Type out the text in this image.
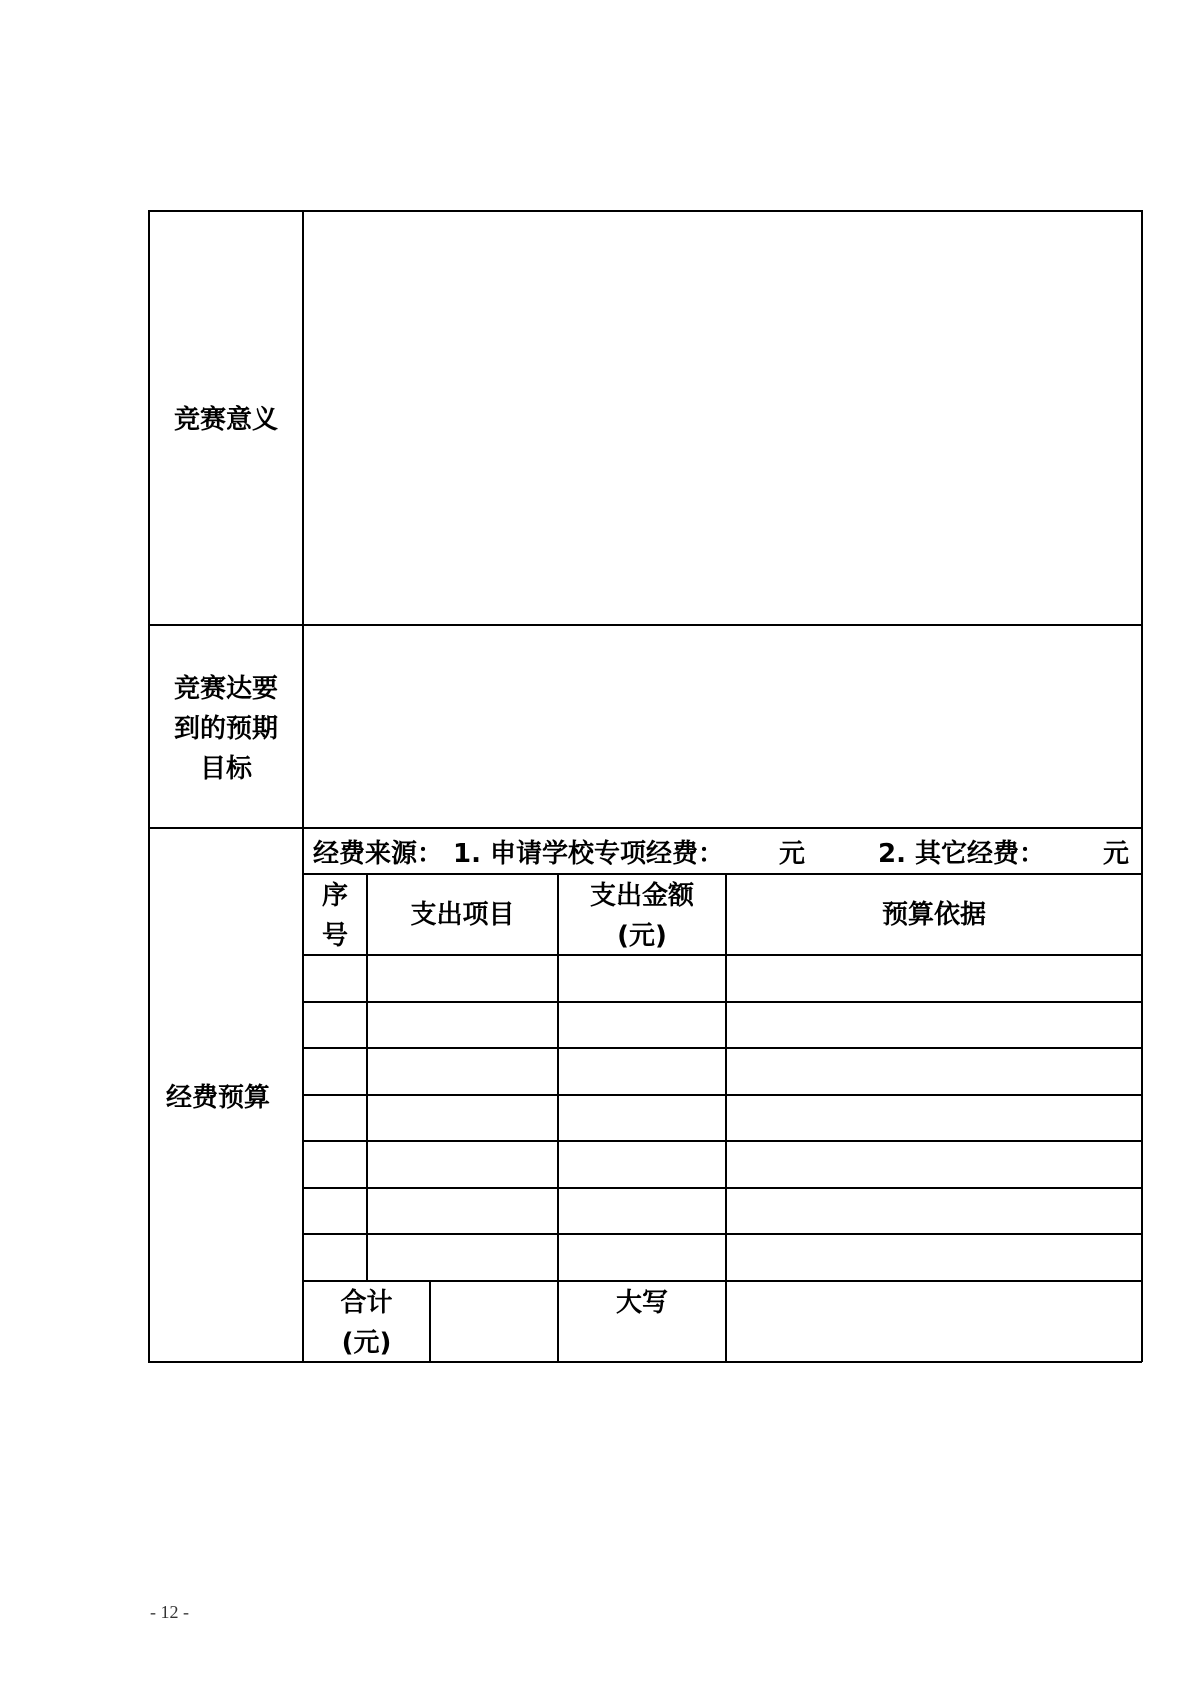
竞赛意义
竞赛达要
到的预期
目标
经费预算
经费来源： 1. 申请学校专项经费： 元	2. 其它经费： 元
序
号
支出项目
支出金额
(元)
预算依据
合计
(元)
大写
- 12 -
